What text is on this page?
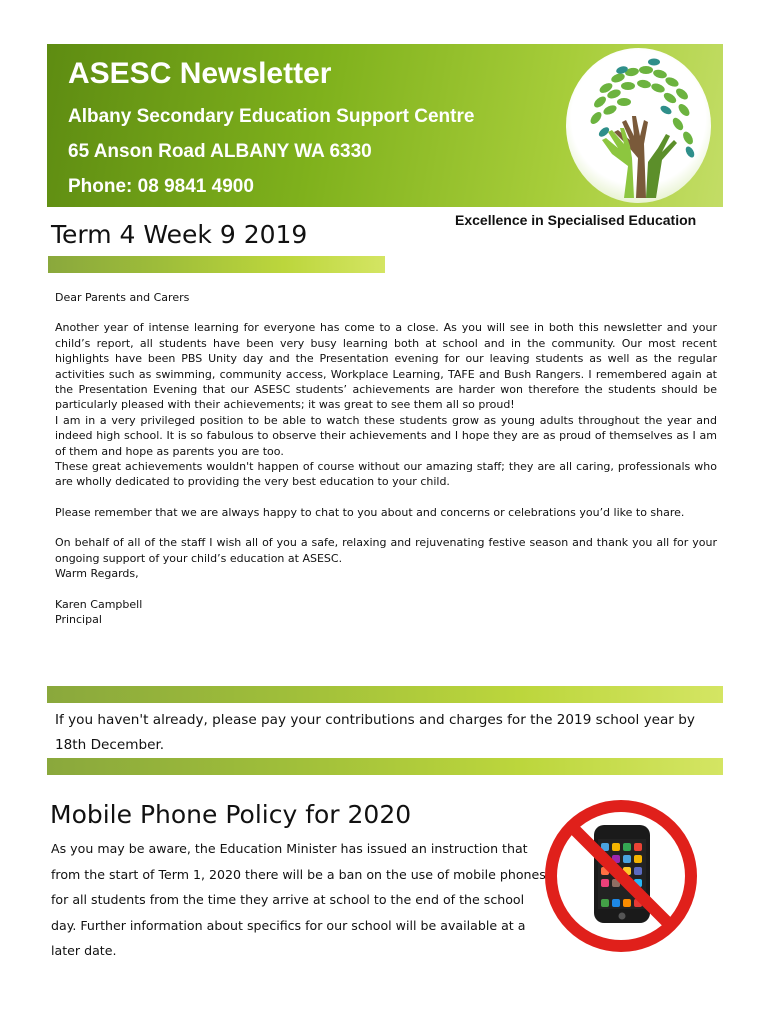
ASESC Newsletter
Albany Secondary Education Support Centre
65 Anson Road ALBANY WA 6330
Phone: 08 9841 4900
Excellence in Specialised Education
Term 4 Week 9 2019

Dear Parents and Carers

Another year of intense learning for everyone has come to a close. As you will see in both this newsletter and your child’s report, all students have been very busy learning both at school and in the community. Our most recent highlights have been PBS Unity day and the Presentation evening for our leaving students as well as the regular activities such as swimming, community access, Workplace Learning, TAFE and Bush Rangers. I remembered again at the Presentation Evening that our ASESC students’ achievements are harder won therefore the students should be particularly pleased with their achievements; it was great to see them all so proud!

I am in a very privileged position to be able to watch these students grow as young adults throughout the year and indeed high school. It is so fabulous to observe their achievements and I hope they are as proud of themselves as I am of them and hope as parents you are too.

These great achievements wouldn't happen of course without our amazing staff; they are all caring, professionals who are wholly dedicated to providing the very best education to your child.

Please remember that we are always happy to chat to you about and concerns or celebrations you’d like to share.

On behalf of all of the staff I wish all of you a safe, relaxing and rejuvenating festive season and thank you all for your ongoing support of your child’s education at ASESC.

Warm Regards,

Karen Campbell

Principal

If you haven't already, please pay your contributions and charges for the 2019 school year by 18th December.
Mobile Phone Policy for 2020
As you may be aware, the Education Minister has issued an instruction that from the start of Term 1, 2020 there will be a ban on the use of mobile phones for all students from the time they arrive at school to the end of the school day. Further information about specifics for our school will be available at a later date.
